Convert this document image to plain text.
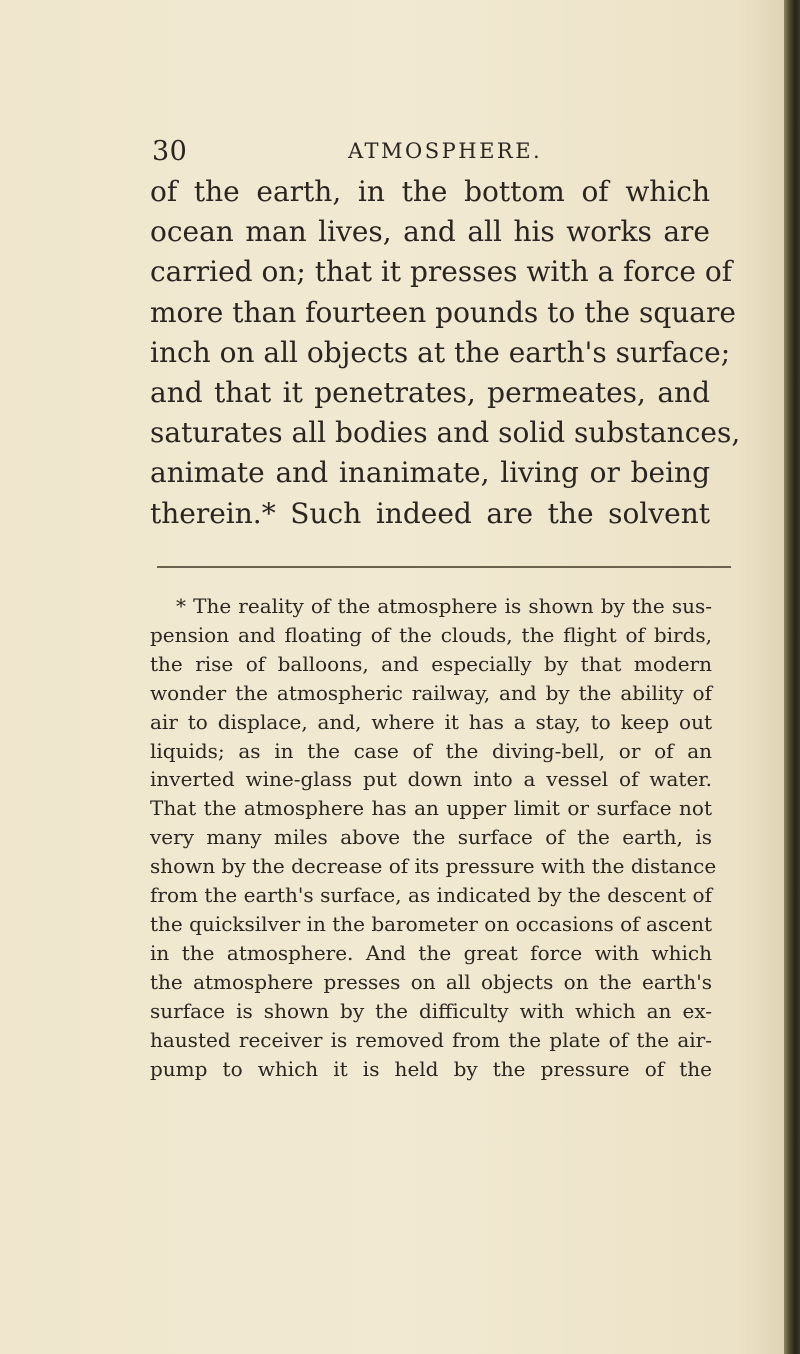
30	ATMOSPHERE.
of the earth, in the bottom of which
ocean man lives, and all his works are
carried on; that it presses with a force of
more than fourteen pounds to the square
inch on all objects at the earth's surface;
and that it penetrates, permeates, and
saturates all bodies and solid substances,
animate and inanimate, living or being
therein.* Such indeed are the solvent
* The reality of the atmosphere is shown by the sus-
pension and floating of the clouds, the flight of birds,
the rise of balloons, and especially by that modern
wonder the atmospheric railway, and by the ability of
air to displace, and, where it has a stay, to keep out
liquids; as in the case of the diving-bell, or of an
inverted wine-glass put down into a vessel of water.
That the atmosphere has an upper limit or surface not
very many miles above the surface of the earth, is
shown by the decrease of its pressure with the distance
from the earth's surface, as indicated by the descent of
the quicksilver in the barometer on occasions of ascent
in the atmosphere. And the great force with which
the atmosphere presses on all objects on the earth's
surface is shown by the difficulty with which an ex-
hausted receiver is removed from the plate of the air-
pump to which it is held by the pressure of the
